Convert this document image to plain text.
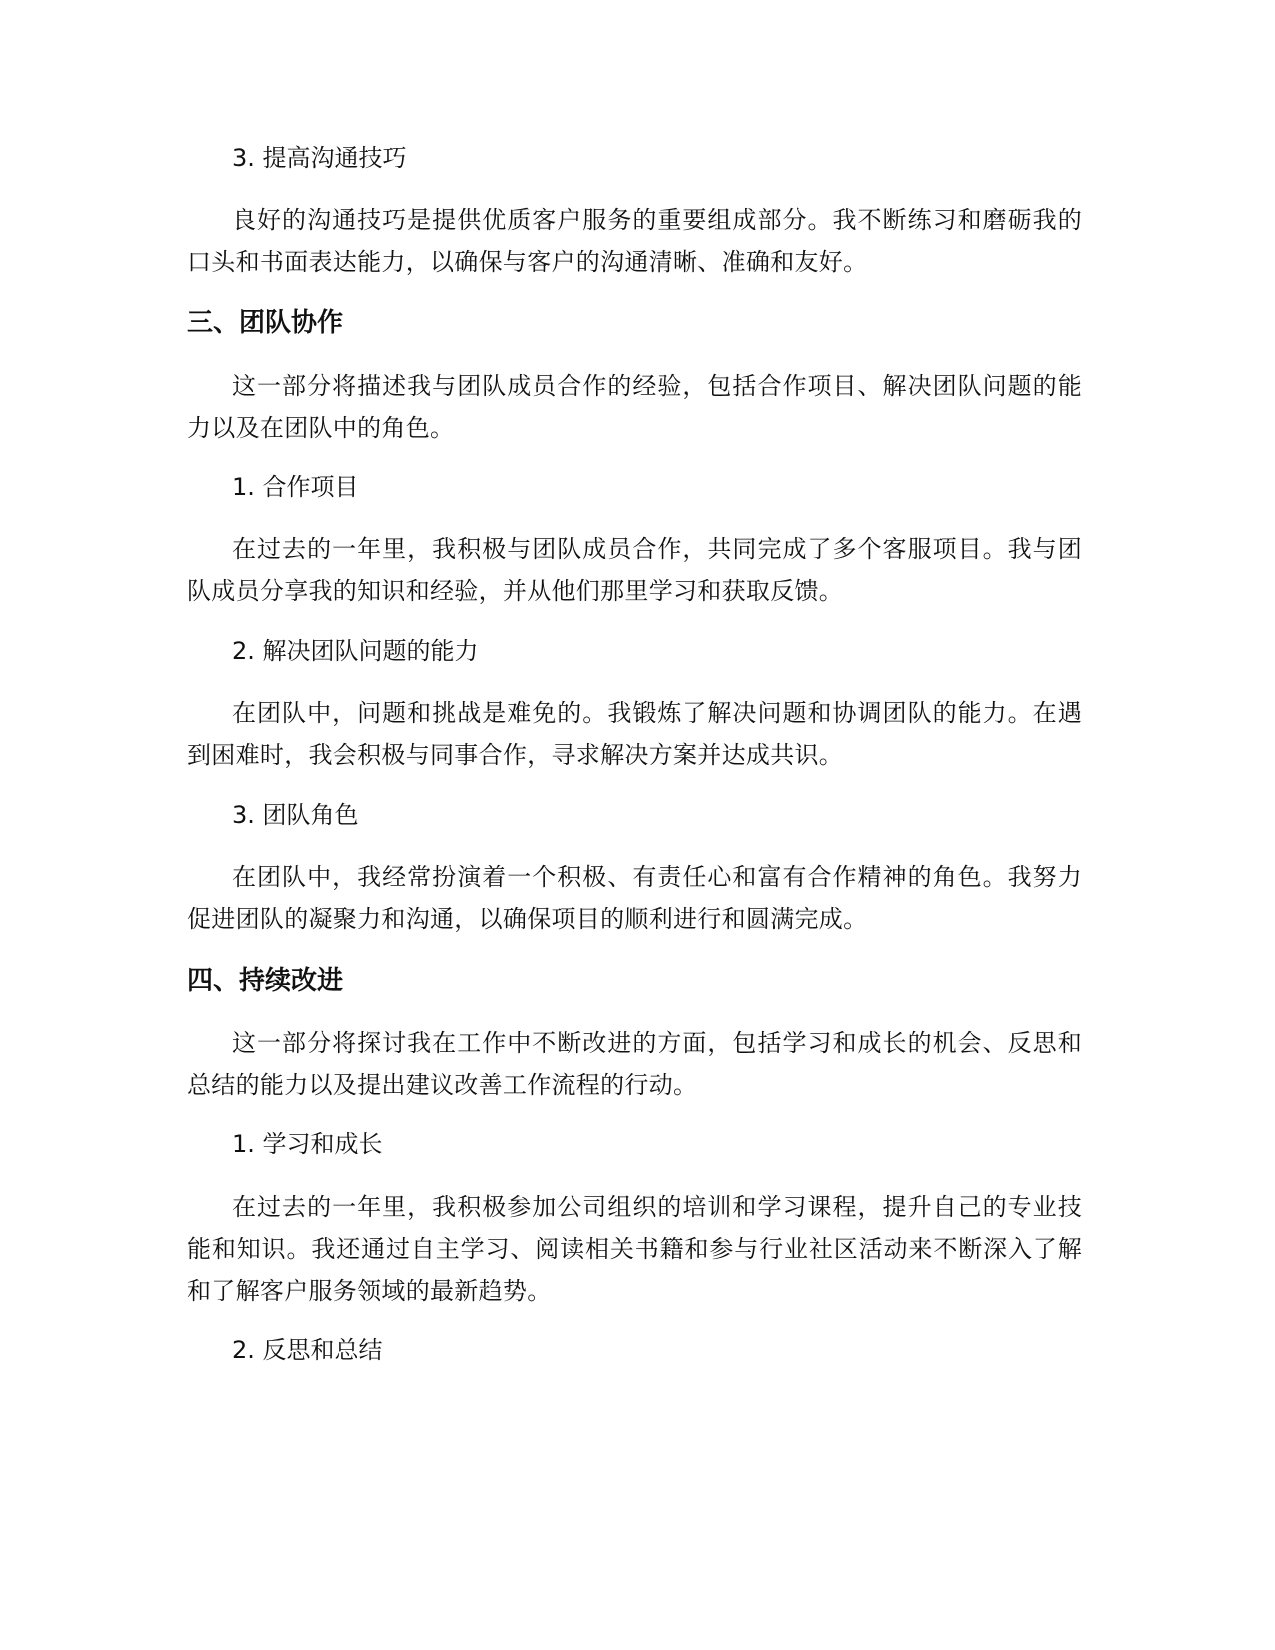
3. 提高沟通技巧

良好的沟通技巧是提供优质客户服务的重要组成部分。我不断练习和磨砺我的口头和书面表达能力，以确保与客户的沟通清晰、准确和友好。

三、团队协作

这一部分将描述我与团队成员合作的经验，包括合作项目、解决团队问题的能力以及在团队中的角色。

1. 合作项目

在过去的一年里，我积极与团队成员合作，共同完成了多个客服项目。我与团队成员分享我的知识和经验，并从他们那里学习和获取反馈。

2. 解决团队问题的能力

在团队中，问题和挑战是难免的。我锻炼了解决问题和协调团队的能力。在遇到困难时，我会积极与同事合作，寻求解决方案并达成共识。

3. 团队角色

在团队中，我经常扮演着一个积极、有责任心和富有合作精神的角色。我努力促进团队的凝聚力和沟通，以确保项目的顺利进行和圆满完成。

四、持续改进

这一部分将探讨我在工作中不断改进的方面，包括学习和成长的机会、反思和总结的能力以及提出建议改善工作流程的行动。

1. 学习和成长

在过去的一年里，我积极参加公司组织的培训和学习课程，提升自己的专业技能和知识。我还通过自主学习、阅读相关书籍和参与行业社区活动来不断深入了解和了解客户服务领域的最新趋势。

2. 反思和总结
